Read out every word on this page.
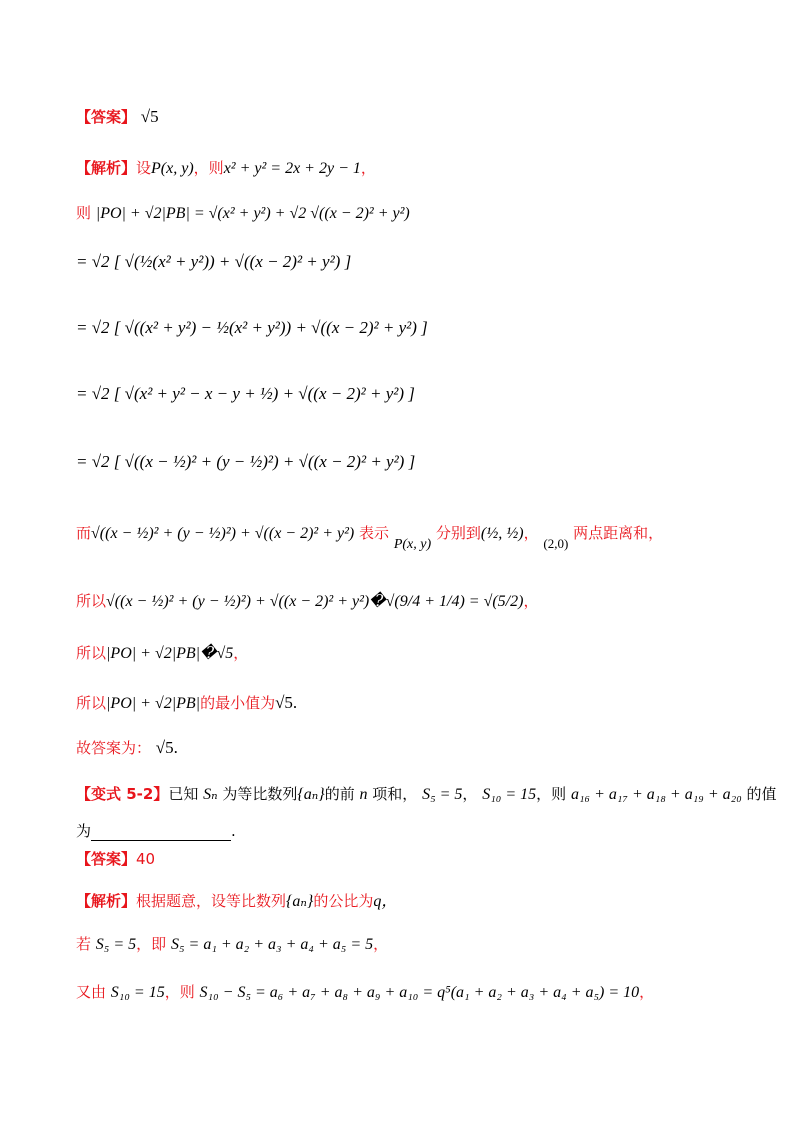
【答案】 √5
【解析】设P(x, y)，则x² + y² = 2x + 2y − 1，
则 |PO| + √2|PB| = √(x² + y²) + √2 √((x − 2)² + y²)
= √2 [ √(½(x² + y²)) + √((x − 2)² + y²) ]
= √2 [ √((x² + y²) − ½(x² + y²)) + √((x − 2)² + y²) ]
= √2 [ √(x² + y² − x − y + ½) + √((x − 2)² + y²) ]
= √2 [ √((x − ½)² + (y − ½)²) + √((x − 2)² + y²) ]
而√((x − ½)² + (y − ½)²) + √((x − 2)² + y²) 表示 P(x, y) 分别到(½, ½)， (2,0) 两点距离和，
所以√((x − ½)² + (y − ½)²) + √((x − 2)² + y²)�√(9/4 + 1/4) = √(5/2)，
所以|PO| + √2|PB|�√5，
所以|PO| + √2|PB|的最小值为√5.
故答案为： √5.
【变式 5-2】已知 Sₙ 为等比数列{aₙ}的前 n 项和， S₅ = 5， S₁₀ = 15，则 a₁₆ + a₁₇ + a₁₈ + a₁₉ + a₂₀ 的值
为	.
【答案】40
【解析】根据题意，设等比数列{aₙ}的公比为q，
若 S₅ = 5，即 S₅ = a₁ + a₂ + a₃ + a₄ + a₅ = 5，
又由 S₁₀ = 15，则 S₁₀ − S₅ = a₆ + a₇ + a₈ + a₉ + a₁₀ = q⁵(a₁ + a₂ + a₃ + a₄ + a₅) = 10，
